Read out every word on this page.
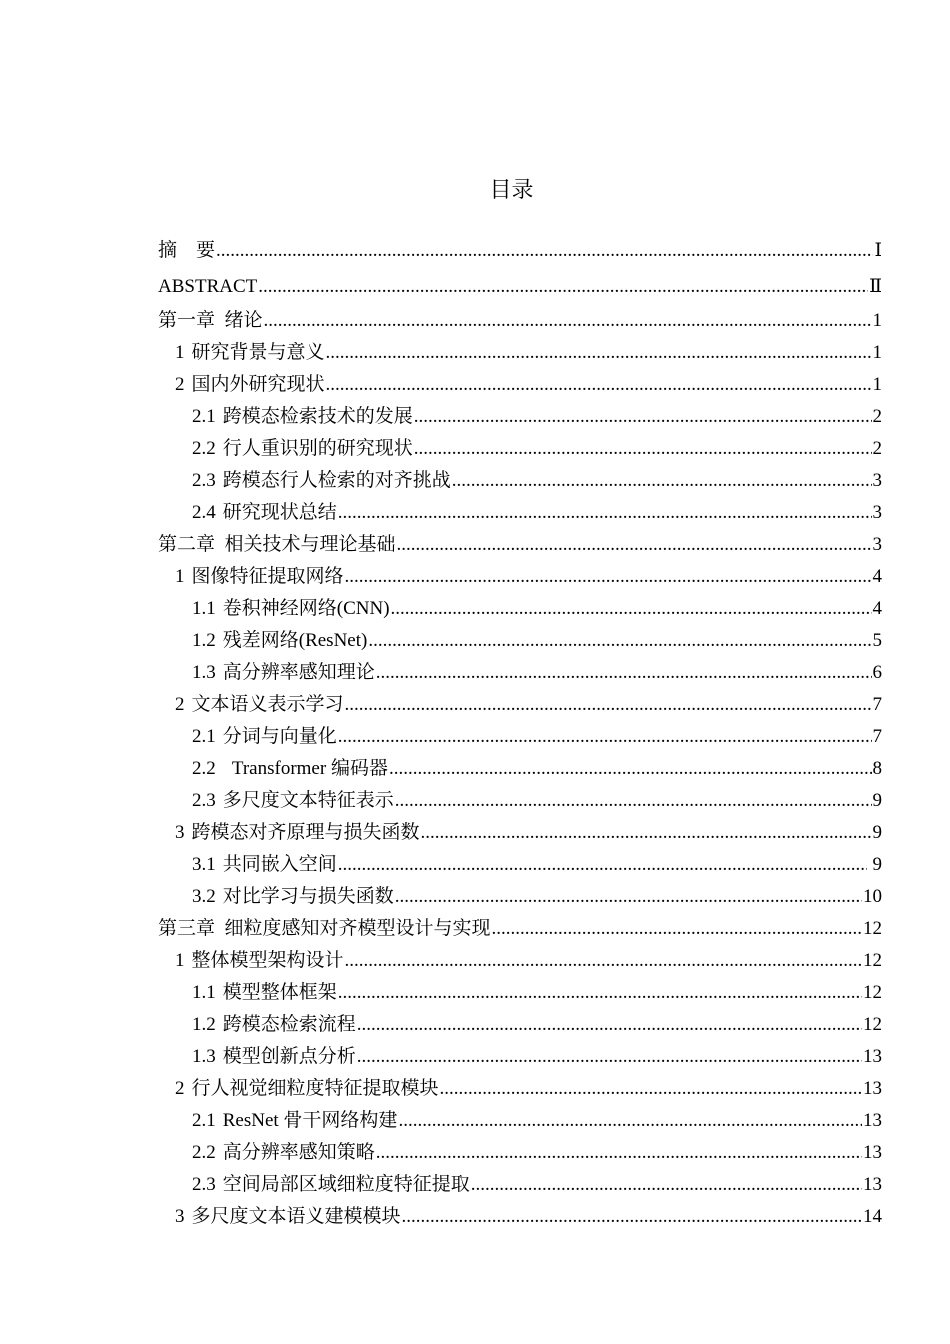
目录
摘　要 .....	Ⅰ
ABSTRACT .....	Ⅱ
第一章  绪论 .....	1
1 研究背景与意义 .....	1
2 国内外研究现状 .....	1
2.1 跨模态检索技术的发展 .....	2
2.2 行人重识别的研究现状 .....	2
2.3 跨模态行人检索的对齐挑战 .....	3
2.4 研究现状总结 .....	3
第二章  相关技术与理论基础 .....	3
1 图像特征提取网络 .....	4
1.1 卷积神经网络(CNN) .....	4
1.2 残差网络(ResNet) .....	5
1.3 高分辨率感知理论 .....	6
2 文本语义表示学习 .....	7
2.1 分词与向量化 .....	7
2.2 Transformer 编码器 .....	8
2.3 多尺度文本特征表示 .....	9
3 跨模态对齐原理与损失函数 .....	9
3.1 共同嵌入空间 .....	9
3.2 对比学习与损失函数 .....	10
第三章  细粒度感知对齐模型设计与实现 .....	12
1 整体模型架构设计 .....	12
1.1 模型整体框架 .....	12
1.2 跨模态检索流程 .....	12
1.3 模型创新点分析 .....	13
2 行人视觉细粒度特征提取模块 .....	13
2.1 ResNet 骨干网络构建 .....	13
2.2 高分辨率感知策略 .....	13
2.3 空间局部区域细粒度特征提取 .....	13
3 多尺度文本语义建模模块 .....	14
